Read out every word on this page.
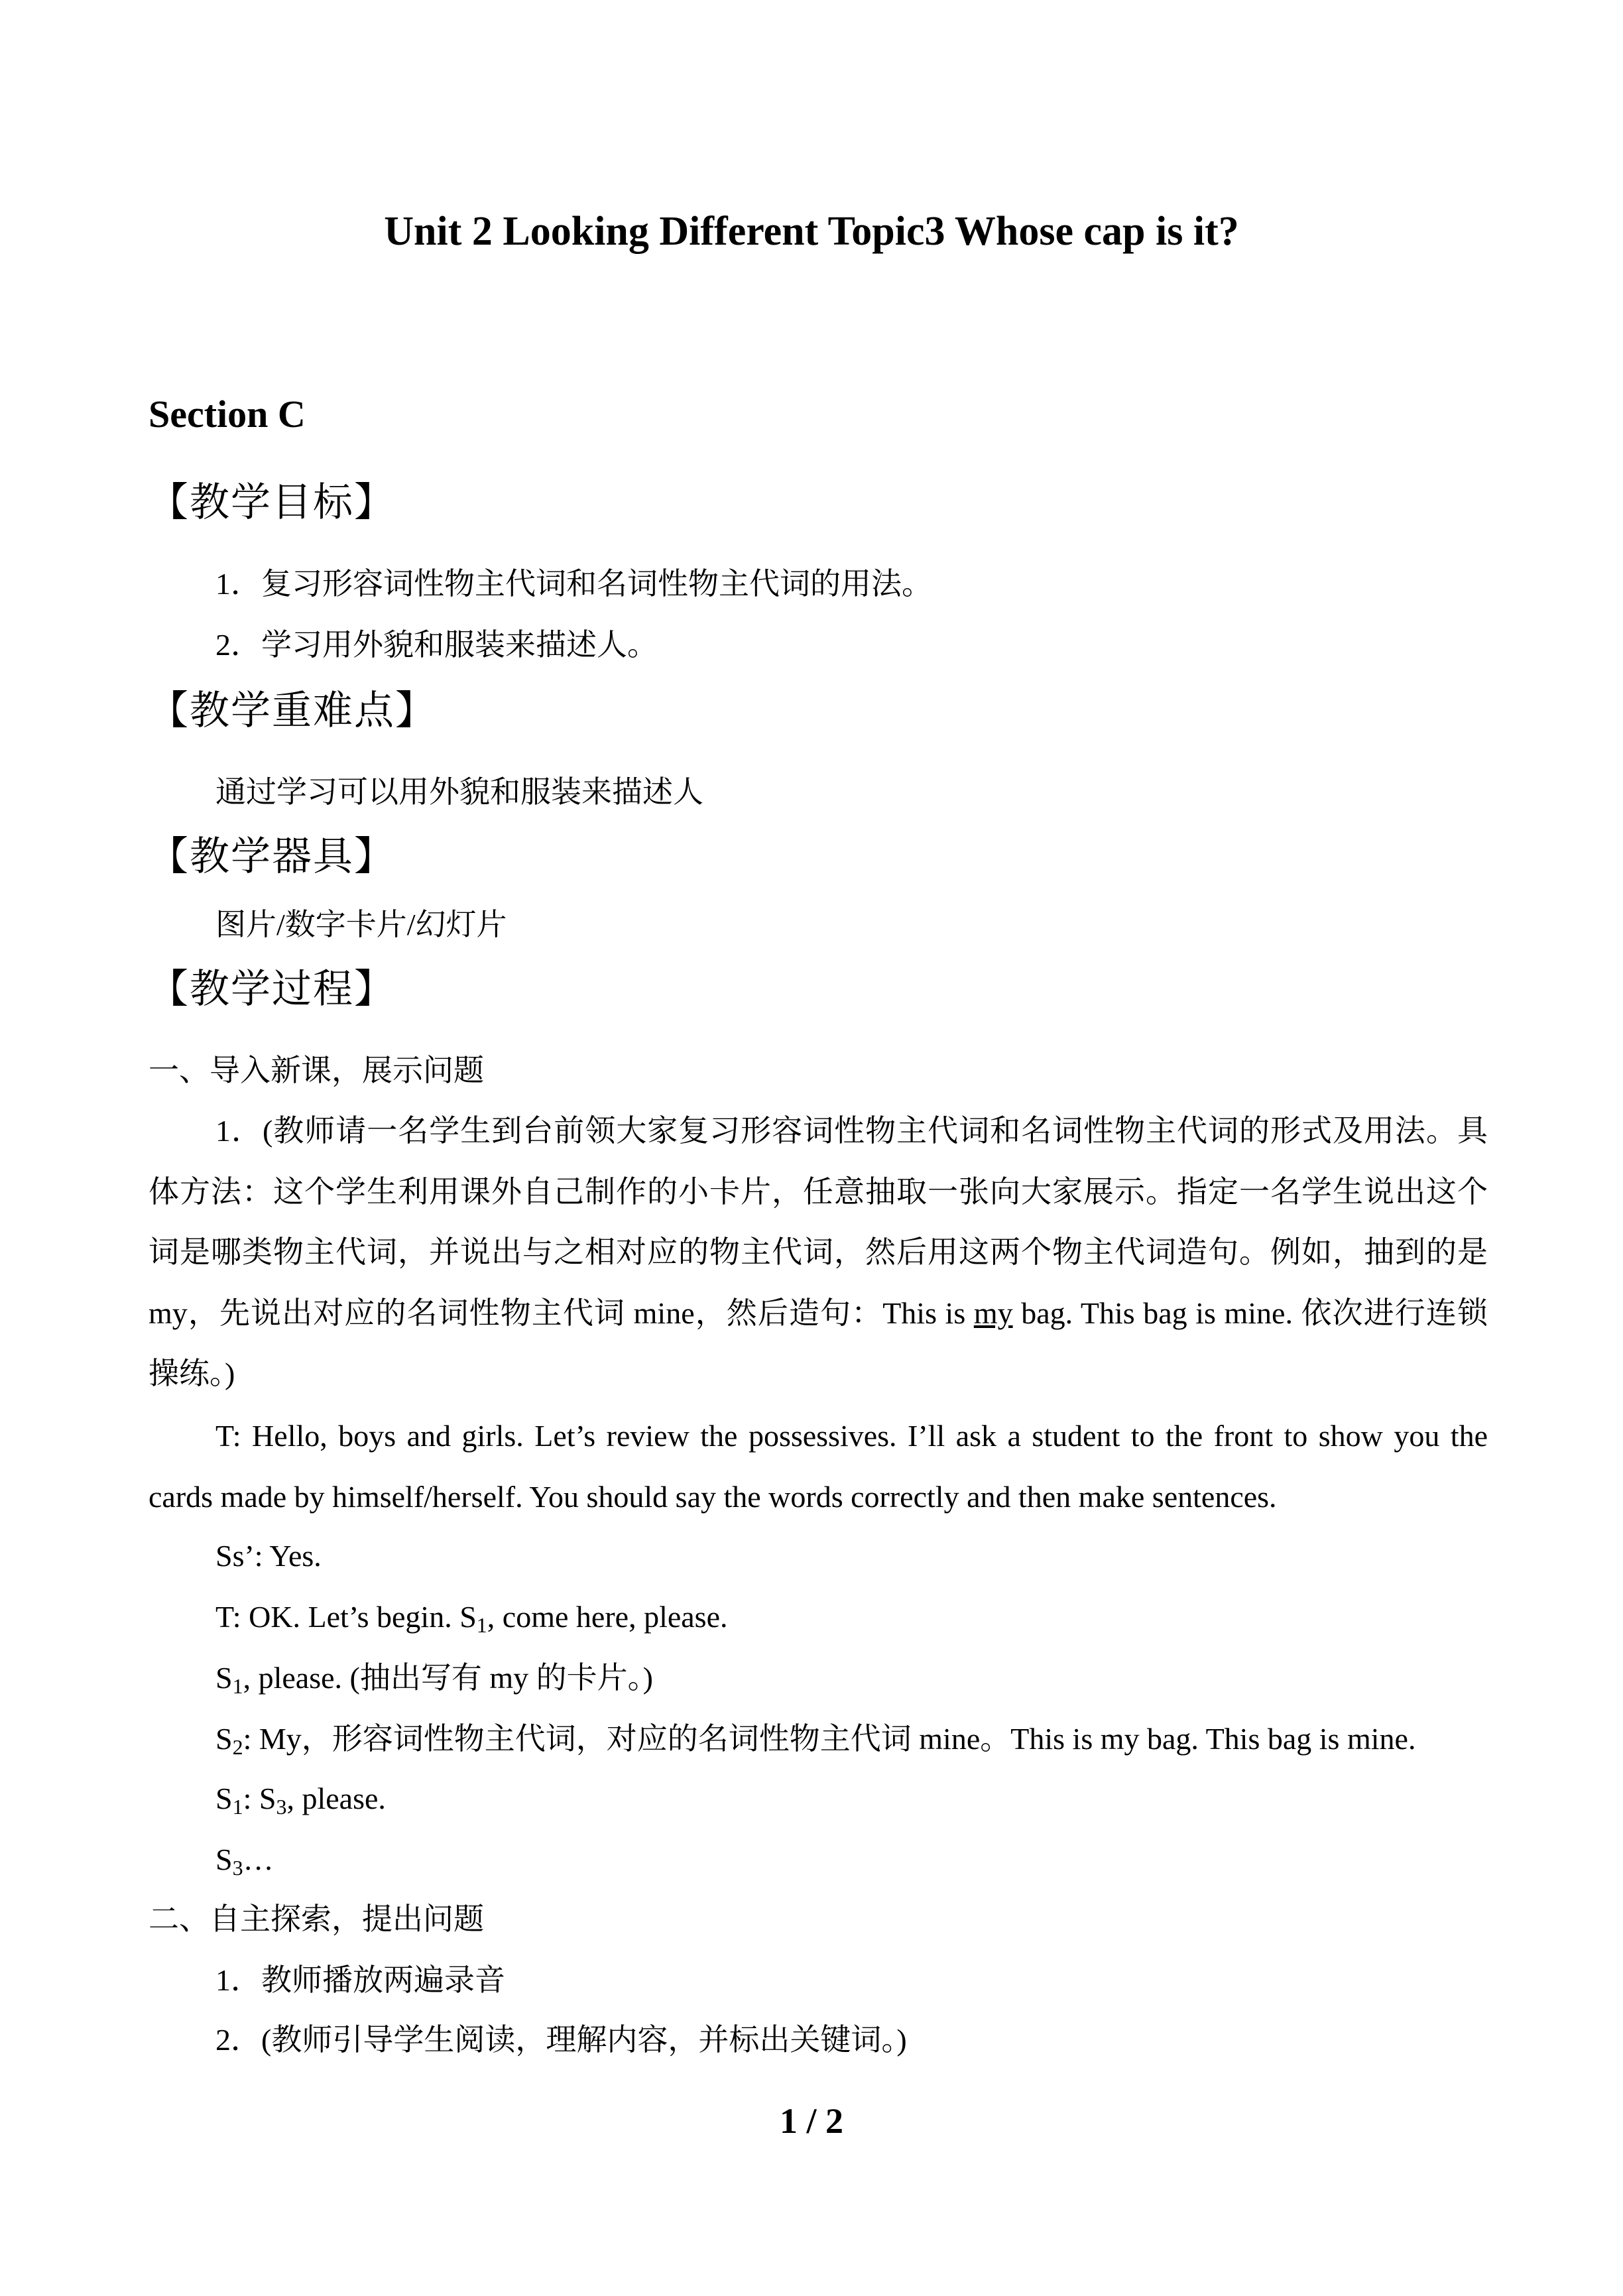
Unit 2 Looking Different Topic3 Whose cap is it?
Section C
【教学目标】
1．复习形容词性物主代词和名词性物主代词的用法。
2．学习用外貌和服装来描述人。
【教学重难点】
通过学习可以用外貌和服装来描述人
【教学器具】
图片/数字卡片/幻灯片
【教学过程】
一、导入新课，展示问题

1．(教师请一名学生到台前领大家复习形容词性物主代词和名词性物主代词的形式及用法。具体方法：这个学生利用课外自己制作的小卡片，任意抽取一张向大家展示。指定一名学生说出这个词是哪类物主代词，并说出与之相对应的物主代词，然后用这两个物主代词造句。例如，抽到的是 my，先说出对应的名词性物主代词 mine，然后造句：This is my bag. This bag is mine. 依次进行连锁操练。)

T: Hello, boys and girls. Let’s review the possessives. I’ll ask a student to the front to show you the cards made by himself/herself. You should say the words correctly and then make sentences.

Ss’: Yes.
T: OK. Let’s begin. $S_1$, come here, please.
$S_1$, please. (抽出写有 my 的卡片。)
$S_2$: My，形容词性物主代词，对应的名词性物主代词 mine。This is my bag. This bag is mine.
$S_1$: $S_3$, please.
$S_3\dots$
二、自主探索，提出问题
1．教师播放两遍录音
2．(教师引导学生阅读，理解内容，并标出关键词。)
1 / 2
